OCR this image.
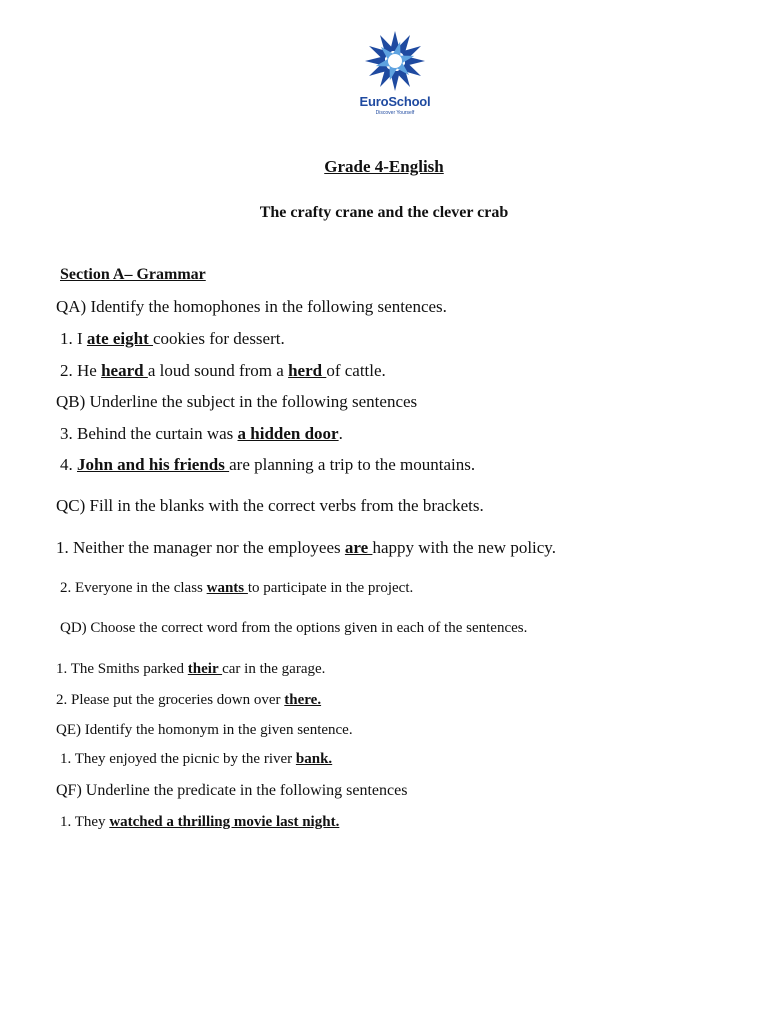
EuroSchool
Discover Yourself
Grade 4-English
The crafty crane and the clever crab
Section A– Grammar
QA) Identify the homophones in the following sentences.
1. I ate eight cookies for dessert.
2. He heard a loud sound from a herd of cattle.
QB) Underline the subject in the following sentences
3. Behind the curtain was a hidden door.
4. John and his friends are planning a trip to the mountains.
QC) Fill in the blanks with the correct verbs from the brackets.
1. Neither the manager nor the employees are happy with the new policy.
2. Everyone in the class wants to participate in the project.
QD) Choose the correct word from the options given in each of the sentences.
1. The Smiths parked their car in the garage.
2. Please put the groceries down over there.
QE) Identify the homonym in the given sentence.
1. They enjoyed the picnic by the river bank.
QF) Underline the predicate in the following sentences
1. They watched a thrilling movie last night.
